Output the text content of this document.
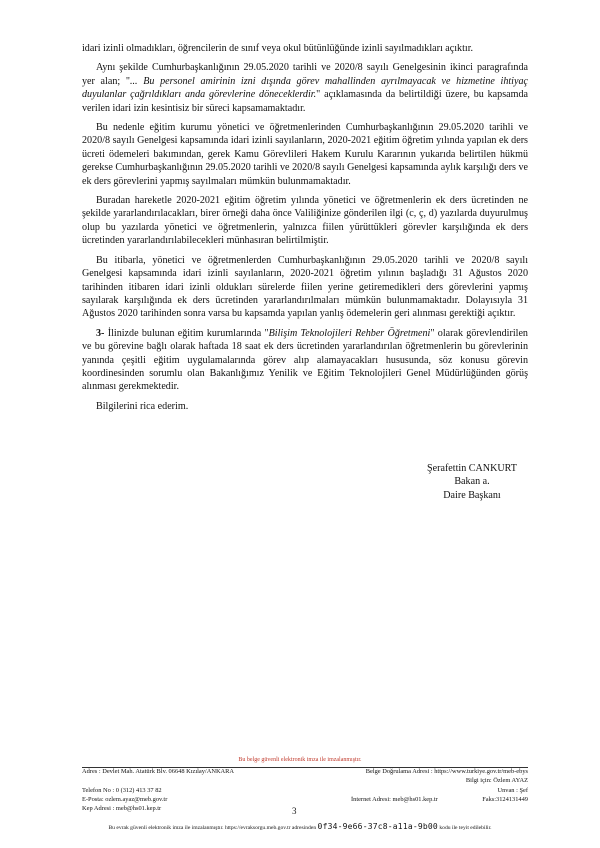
idari izinli olmadıkları, öğrencilerin de sınıf veya okul bütünlüğünde izinli sayılmadıkları açıktır.

Aynı şekilde Cumhurbaşkanlığının 29.05.2020 tarihli ve 2020/8 sayılı Genelgesinin ikinci paragrafında yer alan; "... Bu personel amirinin izni dışında görev mahallinden ayrılmayacak ve hizmetine ihtiyaç duyulanlar çağrıldıkları anda görevlerine döneceklerdir." açıklamasında da belirtildiği üzere, bu kapsamda verilen idari izin kesintisiz bir süreci kapsamamaktadır.

Bu nedenle eğitim kurumu yönetici ve öğretmenlerinden Cumhurbaşkanlığının 29.05.2020 tarihli ve 2020/8 sayılı Genelgesi kapsamında idari izinli sayılanların, 2020-2021 eğitim öğretim yılında yapılan ek ders ücreti ödemeleri bakımından, gerek Kamu Görevlileri Hakem Kurulu Kararının yukarıda belirtilen hükmü gerekse Cumhurbaşkanlığının 29.05.2020 tarihli ve 2020/8 sayılı Genelgesi kapsamında aylık karşılığı ders ve ek ders görevlerini yapmış sayılmaları mümkün bulunmamaktadır.

Buradan hareketle 2020-2021 eğitim öğretim yılında yönetici ve öğretmenlerin ek ders ücretinden ne şekilde yararlandırılacakları, birer örneği daha önce Valiliğinize gönderilen ilgi (c, ç, d) yazılarda duyurulmuş olup bu yazılarda yönetici ve öğretmenlerin, yalnızca fiilen yürüttükleri görevler karşılığında ek ders ücretinden yararlandırılabilecekleri münhasıran belirtilmiştir.

Bu itibarla, yönetici ve öğretmenlerden Cumhurbaşkanlığının 29.05.2020 tarihli ve 2020/8 sayılı Genelgesi kapsamında idari izinli sayılanların, 2020-2021 öğretim yılının başladığı 31 Ağustos 2020 tarihinden itibaren idari izinli oldukları sürelerde fiilen yerine getiremedikleri ders görevlerini yapmış sayılarak karşılığında ek ders ücretinden yararlandırılmaları mümkün bulunmamaktadır. Dolayısıyla 31 Ağustos 2020 tarihinden sonra varsa bu kapsamda yapılan yanlış ödemelerin geri alınması gerektiği açıktır.

3- İlinizde bulunan eğitim kurumlarında "Bilişim Teknolojileri Rehber Öğretmeni" olarak görevlendirilen ve bu görevine bağlı olarak haftada 18 saat ek ders ücretinden yararlandırılan öğretmenlerin bu görevlerinin yanında çeşitli eğitim uygulamalarında görev alıp alamayacakları hususunda, söz konusu görevin koordinesinden sorumlu olan Bakanlığımız Yenilik ve Eğitim Teknolojileri Genel Müdürlüğünden görüş alınması gerekmektedir.

Bilgilerini rica ederim.

Şerafettin CANKURT
Bakan a.
Daire Başkanı
Bu belge güvenli elektronik imza ile imzalanmıştır.
Adres : Devlet Mah. Atatürk Blv. 06648 Kızılay/ANKARA	Belge Doğrulama Adresi : https://www.turkiye.gov.tr/meb-ebys
Bilgi için: Özlem AYAZ
Telefon No : 0 (312) 413 37 82	Unvan : Şef
E-Posta: ozlem.ayaz@meb.gov.tr	İnternet Adresi: meb@hs01.kep.tr	Faks:3124131449
Kep Adresi : meb@hs01.kep.tr	3
Bu evrak güvenli elektronik imza ile imzalanmıştır. https://evraksorgu.meb.gov.tr adresinden 0f34-9e66-37c8-a11a-9b00 kodu ile teyit edilebilir.
